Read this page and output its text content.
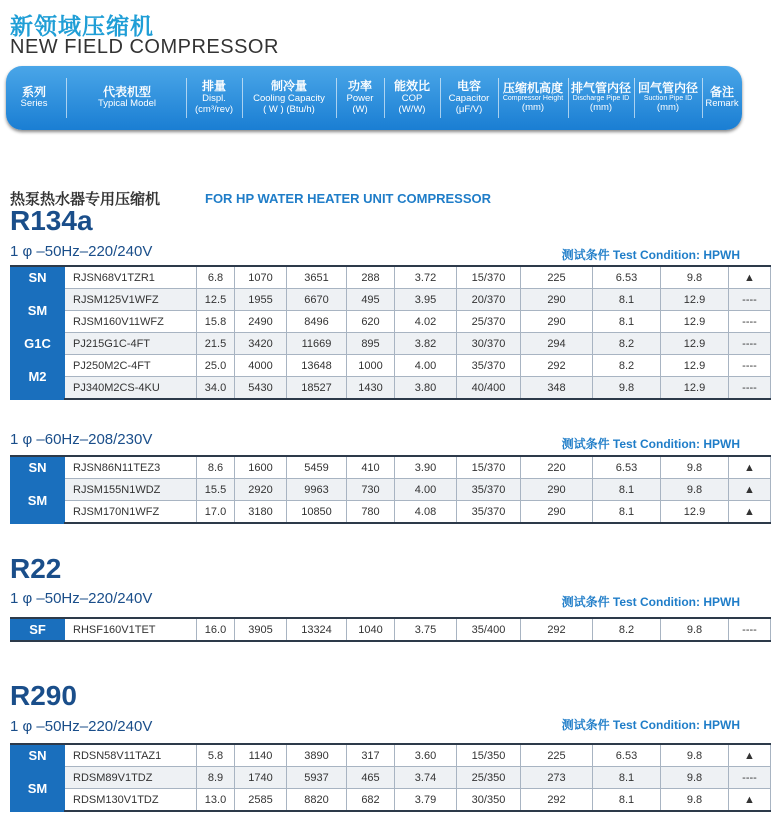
新领域压缩机
NEW FIELD COMPRESSOR
系列
Series
代表机型
Typical Model
排量
Displ.
(cm³/rev)
制冷量
Cooling Capacity
( W ) (Btu/h)
功率
Power
(W)
能效比
COP
(W/W)
电容
Capacitor
(μF/V)
压缩机高度
Compressor Height
(mm)
排气管内径
Discharge Pipe ID
(mm)
回气管内径
Suction Pipe ID
(mm)
备注
Remark
热泵热水器专用压缩机	FOR HP WATER HEATER UNIT COMPRESSOR
R134a
1 φ –50Hz–220/240V	测试条件 Test Condition: HPWH
SN	RJSN68V1TZR1	6.8	1070	3651	288	3.72	15/370	225	6.53	9.8	▲
SM	RJSM125V1WFZ	12.5	1955	6670	495	3.95	20/370	290	8.1	12.9	----
	RJSM160V11WFZ	15.8	2490	8496	620	4.02	25/370	290	8.1	12.9	----
G1C	PJ215G1C-4FT	21.5	3420	11669	895	3.82	30/370	294	8.2	12.9	----
M2	PJ250M2C-4FT	25.0	4000	13648	1000	4.00	35/370	292	8.2	12.9	----
	PJ340M2CS-4KU	34.0	5430	18527	1430	3.80	40/400	348	9.8	12.9	----
1 φ –60Hz–208/230V	测试条件 Test Condition: HPWH
SN	RJSN86N11TEZ3	8.6	1600	5459	410	3.90	15/370	220	6.53	9.8	▲
SM	RJSM155N1WDZ	15.5	2920	9963	730	4.00	35/370	290	8.1	9.8	▲
	RJSM170N1WFZ	17.0	3180	10850	780	4.08	35/370	290	8.1	12.9	▲
R22
1 φ –50Hz–220/240V	测试条件 Test Condition: HPWH
SF	RHSF160V1TET	16.0	3905	13324	1040	3.75	35/400	292	8.2	9.8	----
R290
1 φ –50Hz–220/240V	测试条件 Test Condition: HPWH
SN	RDSN58V11TAZ1	5.8	1140	3890	317	3.60	15/350	225	6.53	9.8	▲
SM	RDSM89V1TDZ	8.9	1740	5937	465	3.74	25/350	273	8.1	9.8	----
	RDSM130V1TDZ	13.0	2585	8820	682	3.79	30/350	292	8.1	9.8	▲
